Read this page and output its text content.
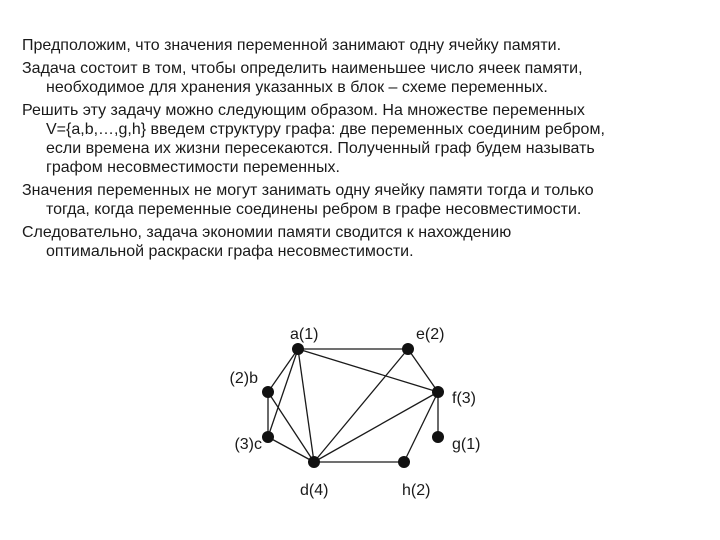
Предположим, что значения переменной занимают одну ячейку памяти.

Задача состоит в том, чтобы определить наименьшее число ячеек памяти,
необходимое для хранения указанных в блок – схеме переменных.

Решить эту задачу можно следующим образом. На множестве переменных
V={a,b,…,g,h} введем структуру графа: две переменных соединим ребром,
если времена их жизни пересекаются. Полученный граф будем называть
графом несовместимости переменных.

Значения переменных не могут занимать одну ячейку памяти тогда и только
тогда, когда переменные соединены ребром в графе несовместимости.

Следовательно, задача экономии памяти сводится к нахождению
оптимальной раскраски графа несовместимости.

a(1)	e(2)
(2)b
f(3)
(3)c	g(1)
d(4)	h(2)
